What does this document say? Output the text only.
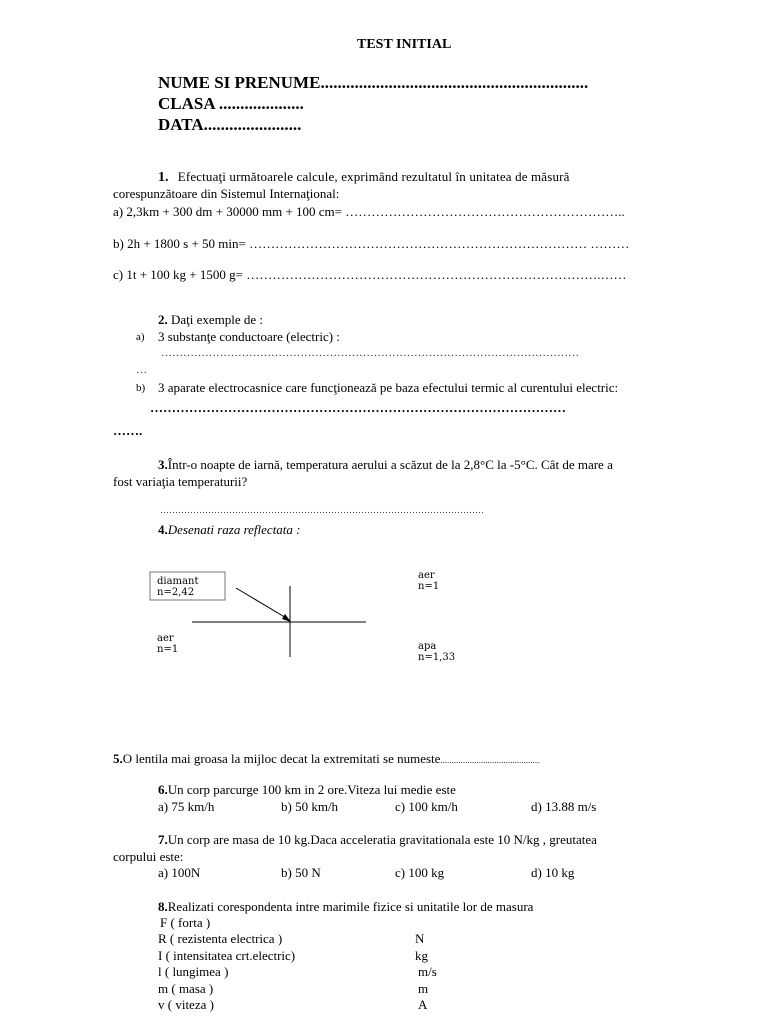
TEST INITIAL
NUME SI PRENUME...............................................................
CLASA ....................
DATA.......................
1. Efectuaţi următoarele calcule, exprimând rezultatul în unitatea de măsură
corespunzătoare din Sistemul Internaţional:
a) 2,3km + 300 dm + 30000 mm + 100 cm= ………………………………………………………..
b) 2h + 1800 s + 50 min= …………………………………………………………………… ………
c) 1t + 100 kg + 1500 g= ……………………………………………………………………….……
2. Daţi exemple de :
a) 3 substanţe conductoare (electric) :
……………………………………………………………………………………………………
…
b) 3 aparate electrocasnice care funcţionează pe baza efectului termic al curentului electric:
……………………………………………………………………………………
…….
3.Într-o noapte de iarnă, temperatura aerului a scăzut de la 2,8°C la -5°C. Cât de mare a
fost variaţia temperaturii?
………………………………………………………………………………………………
4.Desenati raza reflectata :
diamant
n=2,42
aer
n=1
aer
n=1
apa
n=1,33
5.O lentila mai groasa la mijloc decat la extremitati se numeste............................................
6.Un corp parcurge 100 km in 2 ore.Viteza lui medie este
a) 75 km/h	b) 50 km/h	c) 100 km/h	d) 13.88 m/s
7.Un corp are masa de 10 kg.Daca acceleratia gravitationala este 10 N/kg , greutatea
corpului este:
a) 100N	b) 50 N	c) 100 kg	d) 10 kg
8.Realizati corespondenta intre marimile fizice si unitatile lor de masura
F ( forta )
R ( rezistenta electrica )
I ( intensitatea crt.electric)
l ( lungimea )
m ( masa )
v ( viteza )
N
kg
m/s
m
A
